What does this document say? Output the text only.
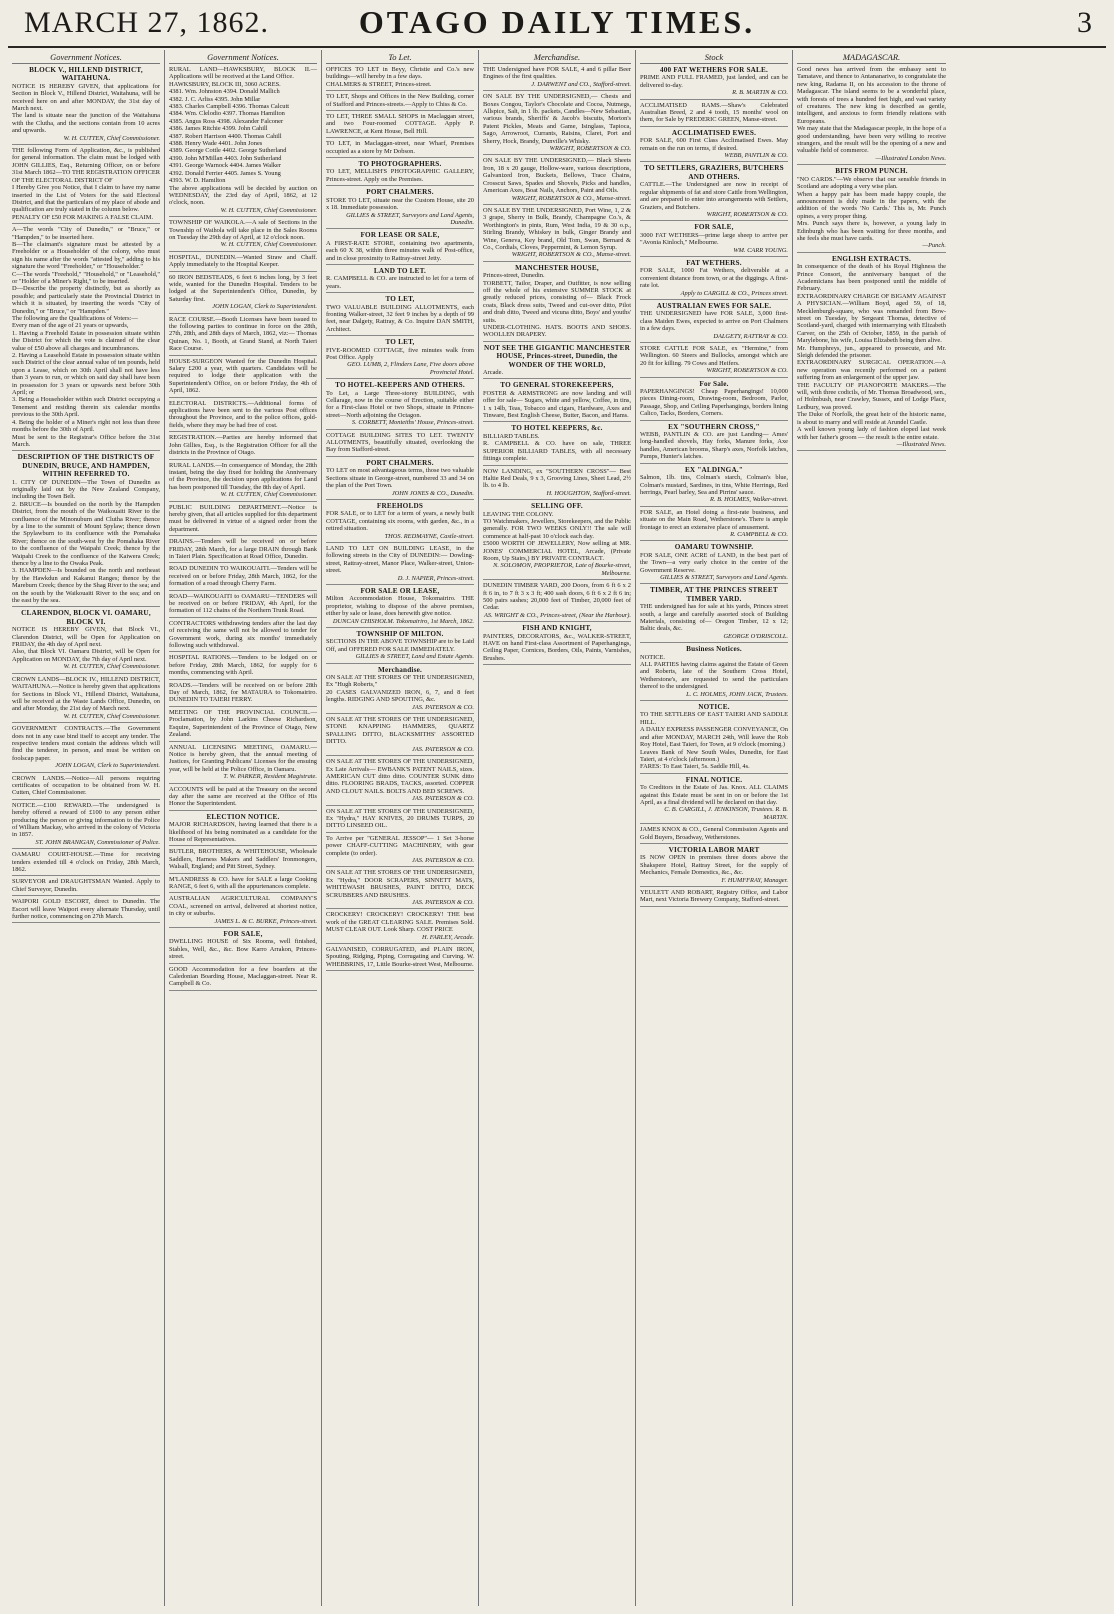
MARCH 27, 1862.	OTAGO DAILY TIMES.	3
Government Notices.
BLOCK V., HILLEND DISTRICT, WAITAHUNA.
NOTICE IS HEREBY GIVEN, that applications for Section in Block V., Hillend District, Waitahuna, will be received here on and after MONDAY, the 31st day of March next.
The land is situate near the junction of the Waitahuna with the Clutha, and the sections contain from 10 acres and upwards.
W. H. CUTTEN, Chief Commissioner.
THE following Form of Application, &c., is published for general information. The claim must be lodged with JOHN GILLIES, Esq., Returning Officer, on or before 31st March 1862—TO THE REGISTRATION OFFICER OF THE ELECTORAL DISTRICT OF
I Hereby Give you Notice, that I claim to have my name inserted in the List of Voters for the said Electoral District, and that the particulars of my place of abode and qualification are truly stated in the column below.
PENALTY OF £50 FOR MAKING A FALSE CLAIM.
A—The words "City of Dunedin," or "Bruce," or "Hampden," to be inserted here.
B—The claimant's signature must be attested by a Freeholder or a Householder of the colony, who must sign his name after the words "attested by," adding to his signature the word "Freeholder," or "Householder."
C—The words "Freehold," "Household," or "Leasehold," or "Holder of a Miner's Right," to be inserted.
D—Describe the property distinctly, but as shortly as possible; and particularly state the Provincial District in which it is situated, by inserting the words "City of Dunedin," or "Bruce," or "Hampden."
The following are the Qualifications of Voters:—
Every man of the age of 21 years or upwards,
1. Having a Freehold Estate in possession situate within the District for which the vote is claimed of the clear value of £50 above all charges and incumbrances.
2. Having a Leasehold Estate in possession situate within such District of the clear annual value of ten pounds, held upon a Lease, which on 30th April shall not have less than 3 years to run, or which on said day shall have been in possession for 3 years or upwards next before 30th April; or
3. Being a Householder within such District occupying a Tenement and residing therein six calendar months previous to the 30th April.
4. Being the holder of a Miner's right not less than three months before the 30th of April.
Must be sent to the Registrar's Office before the 31st March.
DESCRIPTION OF THE DISTRICTS OF DUNEDIN, BRUCE, AND HAMPDEN, WITHIN REFERRED TO.
1. CITY OF DUNEDIN—The Town of Dunedin as originally laid out by the New Zealand Company, including the Town Belt.
2. BRUCE—Is bounded on the north by the Hampden District, from the mouth of the Waikouaiti River to the confluence of the Minonuburn and Clutha River; thence by a line to the summit of Mount Spylaw; thence down the Spylawburn to its confluence with the Pomahaka River; thence on the south-west by the Pomahaka River to the confluence of the Waipahi Creek; thence by the Waipahi Creek to the confluence of the Kaiwera Creek; thence by a line to the Owaka Peak.
3. HAMPDEN—Is bounded on the north and northeast by the Hawkdun and Kakanui Ranges; thence by the Mareburn Creek; thence by the Shag River to the sea; and on the south by the Waikouaiti River to the sea; and on the east by the sea.
CLARENDON, BLOCK VI. OAMARU, BLOCK VI.
NOTICE IS HEREBY GIVEN, that Block VI., Clarendon District, will be Open for Application on FRIDAY, the 4th day of April next.
Also, that Block VI. Oamaru District, will be Open for Application on MONDAY, the 7th day of April next.
W. H. CUTTEN, Chief Commissioner.
CROWN LANDS—BLOCK IV., HILLEND DISTRICT, WAITAHUNA.—Notice is hereby given that applications for Sections in Block VI., Hillend District, Waitahuna, will be received at the Waste Lands Office, Dunedin, on and after Monday, the 21st day of March next.
W. H. CUTTEN, Chief Commissioner.
GOVERNMENT CONTRACTS.—The Government does not in any case bind itself to accept any tender. The respective tenders must contain the address which will find the tenderer, in person, and must be written on foolscap paper.
JOHN LOGAN, Clerk to Superintendent.
CROWN LANDS.—Notice—All persons requiring certificates of occupation to be obtained from W. H. Cutten, Chief Commissioner.
NOTICE.—£100 REWARD.—The undersigned is hereby offered a reward of £100 to any person either producing the person or giving information to the Police of William Mackay, who arrived in the colony of Victoria in 1857.
ST. JOHN BRANIGAN, Commissioner of Police.
OAMARU COURT-HOUSE.—Time for receiving tenders extended till 4 o'clock on Friday, 28th March, 1862.
SURVEYOR and DRAUGHTSMAN Wanted. Apply to Chief Surveyor, Dunedin.
WAIPORI GOLD ESCORT, direct to Dunedin. The Escort will leave Waipori every alternate Thursday, until further notice, commencing on 27th March.
Government Notices.
RURAL LAND—HAWKSBURY, BLOCK II.—Applications will be received at the Land Office.
HAWKSBURY, BLOCK III, 3060 ACRES.
4381. Wm. Johnston 4394. Donald Mallich
4382. J. C. Arliss 4395. John Millar
4383. Charles Campbell 4396. Thomas Calcutt
4384. Wm. Clelodio 4397. Thomas Hamilton
4385. Angus Ross 4398. Alexander Falconer
4386. James Ritchie 4399. John Cahill
4387. Robert Harrison 4400. Thomas Cahill
4388. Henry Wade 4401. John Jones
4389. George Cottle 4402. George Sutherland
4390. John M'Millan 4403. John Sutherland
4391. George Warnock 4404. James Walker
4392. Donald Ferrier 4405. James S. Young
4393. W. D. Hamilton
The above applications will be decided by auction on WEDNESDAY, the 23rd day of April, 1862, at 12 o'clock, noon.
W. H. CUTTEN, Chief Commissioner.
TOWNSHIP OF WAIKOLA.—A sale of Sections in the Township of Waihola will take place in the Sales Rooms on Tuesday the 29th day of April, at 12 o'clock noon.
W. H. CUTTEN, Chief Commissioner.
HOSPITAL, DUNEDIN.—Wanted Straw and Chaff. Apply immediately to the Hospital Keeper.
60 IRON BEDSTEADS, 6 feet 6 inches long, by 3 feet wide, wanted for the Dunedin Hospital. Tenders to be lodged at the Superintendent's Office, Dunedin, by Saturday first.
JOHN LOGAN, Clerk to Superintendent.
RACE COURSE.—Booth Licenses have been issued to the following parties to continue in force on the 28th, 27th, 28th, and 28th days of March, 1862, viz:— Thomas Quinan, No. 1, Booth, at Grand Stand, at North Taieri Race Course.
HOUSE-SURGEON Wanted for the Dunedin Hospital. Salary £200 a year, with quarters. Candidates will be required to lodge their application with the Superintendent's Office, on or before Friday, the 4th of April, 1862.
ELECTORAL DISTRICTS.—Additional forms of applications have been sent to the various Post offices throughout the Province, and to the police offices, gold-fields, where they may be had free of cost.
REGISTRATION.—Parties are hereby informed that John Gillies, Esq., is the Registration Officer for all the districts in the Province of Otago.
RURAL LANDS.—In consequence of Monday, the 28th instant, being the day fixed for holding the Anniversary of the Province, the decision upon applications for Land has been postponed till Tuesday, the 8th day of April.
W. H. CUTTEN, Chief Commissioner.
PUBLIC BUILDING DEPARTMENT.—Notice is hereby given, that all articles supplied for this department must be delivered in virtue of a signed order from the department.
DRAINS.—Tenders will be received on or before FRIDAY, 28th March, for a large DRAIN through Bank in Taieri Plain. Specification at Road Office, Dunedin.
ROAD DUNEDIN TO WAIKOUAITI.—Tenders will be received on or before Friday, 28th March, 1862, for the formation of a road through Cherry Farm.
ROAD—WAIKOUAITI to OAMARU—TENDERS will be received on or before FRIDAY, 4th April, for the formation of 112 chains of the Northern Trunk Road.
CONTRACTORS withdrawing tenders after the last day of receiving the same will not be allowed to tender for Government work, during six months' immediately following such withdrawal.
HOSPITAL RATIONS.—Tenders to be lodged on or before Friday, 28th March, 1862, for supply for 6 months, commencing with April.
ROADS.—Tenders will be received on or before 28th Day of March, 1862, for MATAURA to Tokomairiro. DUNEDIN TO TAIERI FERRY.
MEETING OF THE PROVINCIAL COUNCIL.—Proclamation, by John Larkins Cheese Richardson, Esquire, Superintendent of the Province of Otago, New Zealand.
ANNUAL LICENSING MEETING, OAMARU.—Notice is hereby given, that the annual meeting of Justices, for Granting Publicans' Licenses for the ensuing year, will be held at the Police Office, in Oamaru.
T. W. PARKER, Resident Magistrate.
ACCOUNTS will be paid at the Treasury on the second day after the same are received at the Office of His Honor the Superintendent.
ELECTION NOTICE.
MAJOR RICHARDSON, having learned that there is a likelihood of his being nominated as a candidate for the House of Representatives.
BUTLER, BROTHERS, & WHITEHOUSE, Wholesale Saddlers, Harness Makers and Saddlers' Ironmongers, Walsall, England; and Pitt Street, Sydney.
M'LANDRESS & CO. have for SALE a large Cooking RANGE, 6 feet 6, with all the appurtenances complete.
AUSTRALIAN AGRICULTURAL COMPANY'S COAL, screened on arrival, delivered at shortest notice, in city or suburbs.
JAMES L. & C. BURKE, Princes-street.
FOR SALE,
DWELLING HOUSE of Six Rooms, well finished, Stables, Well, &c., &c. Bow Karro Arrakon, Princes-street.
GOOD Accommodation for a few boarders at the Caledonian Boarding House, Maclaggan-street. Near R. Campbell & Co.
To Let.
OFFICES TO LET in Beyy, Christie and Co.'s new buildings—will hereby in a few days.
CHALMERS & STREET, Princes-street.
TO LET, Shops and Offices in the New Building, corner of Stafford and Princes-streets.—Apply to Chiss & Co.
TO LET, THREE SMALL SHOPS in Maclaggan street, and two Four-roomed COTTAGE. Apply P. LAWRENCE, at Kent House, Bell Hill.
TO LET, in Maclaggan-street, near Wharf, Premises occupied as a store by Mr Dobson.
TO PHOTOGRAPHERS.
TO LET, MELLISH'S PHOTOGRAPHIC GALLERY, Princes-street. Apply on the Premises.
PORT CHALMERS.
STORE TO LET, situate near the Custom House, site 20 x 18. Immediate possession.
GILLIES & STREET, Surveyors and Land Agents, Dunedin.
FOR LEASE OR SALE,
A FIRST-RATE STORE, containing two apartments, each 60 X 38, within three minutes walk of Post-office, and in close proximity to Rattray-street Jetty.
LAND TO LET.
R. CAMPBELL & CO. are instructed to let for a term of years.
TO LET,
TWO VALUABLE BUILDING ALLOTMENTS, each fronting Walker-street, 32 feet 9 inches by a depth of 99 feet, near Dalgety, Rattray, & Co. Inquire DAN SMITH, Architect.
TO LET,
FIVE-ROOMED COTTAGE, five minutes walk from Post Office. Apply
GEO. LUMB, 2, Flinders Lane, Five doors above Provincial Hotel.
TO HOTEL-KEEPERS AND OTHERS.
To Let, a Large Three-storey BUILDING, with Cellarage, now in the course of Erection, suitable either for a First-class Hotel or two Shops, situate in Princes-street—North adjoining the Octagon.
S. CORBETT, Monteiths' House, Princes-street.
COTTAGE BUILDING SITES TO LET. TWENTY ALLOTMENTS, beautifully situated, overlooking the Bay from Stafford-street.
PORT CHALMERS.
TO LET on most advantageous terms, those two valuable Sections situate in George-street, numbered 33 and 34 on the plan of the Port Town.
JOHN JONES & CO., Dunedin.
FREEHOLDS
FOR SALE, or to LET for a term of years, a newly built COTTAGE, containing six rooms, with garden, &c., in a retired situation.
THOS. REDMAYNE, Castle-street.
LAND TO LET ON BUILDING LEASE, in the following streets in the City of DUNEDIN:— Dowling-street, Rattray-street, Manor Place, Walker-street, Union-street.
D. J. NAPIER, Princes-street.
FOR SALE OR LEASE,
Milton Accommodation House, Tokomairiro. THE proprietor, wishing to dispose of the above premises, either by sale or lease, does herewith give notice.
DUNCAN CHISHOLM. Tokomairiro, 1st March, 1862.
TOWNSHIP OF MILTON.
SECTIONS IN THE ABOVE TOWNSHIP are to be Laid Off, and OFFERED FOR SALE IMMEDIATELY.
GILLIES & STREET, Land and Estate Agents.
Merchandise.
ON SALE AT THE STORES OF THE UNDERSIGNED, Ex "Hugh Roberts,"
20 CASES GALVANIZED IRON, 6, 7, and 8 feet lengths. RIDGING AND SPOUTING, &c.
JAS. PATERSON & CO.
ON SALE AT THE STORES OF THE UNDERSIGNED, STONE KNAPPING HAMMERS, QUARTZ SPALLING DITTO, BLACKSMITHS' ASSORTED DITTO.
JAS. PATERSON & CO.
ON SALE AT THE STORES OF THE UNDERSIGNED, Ex Late Arrivals— EWBANK'S PATENT NAILS, sizes. AMERICAN CUT ditto ditto. COUNTER SUNK ditto ditto. FLOORING BRADS, TACKS, assorted. COPPER AND CLOUT NAILS. BOLTS AND BED SCREWS.
JAS. PATERSON & CO.
ON SALE AT THE STORES OF THE UNDERSIGNED, Ex "Hydra," HAY KNIVES, 20 DRUMS TURPS, 20 DITTO LINSEED OIL.
To Arrive per "GENERAL JESSOP"— 1 Set 3-horse power CHAFF-CUTTING MACHINERY, with gear complete (to order).
JAS. PATERSON & CO.
ON SALE AT THE STORES OF THE UNDERSIGNED, Ex "Hydra," DOOR SCRAPERS, SINNETT MATS, WHITEWASH BRUSHES, PAINT DITTO, DECK SCRUBBERS AND BRUSHES.
JAS. PATERSON & CO.
CROCKERY! CROCKERY! CROCKERY! THE best work of the GREAT CLEARING SALE. Premises Sold. MUST CLEAR OUT. Look Sharp. COST PRICE
H. FARLEY, Arcade.
GALVANISED, CORRUGATED, and PLAIN IRON, Spouting, Ridging, Piping, Corrugating and Curving. W. WHEBBRINS, 17, Little Bourke-street West, Melbourne.
Merchandise.
THE Undersigned have FOR SALE, 4 and 6 pillar Beer Engines of the first qualities.
J. DARWENT and CO., Stafford-street.
ON SALE BY THE UNDERSIGNED,— Chests and Boxes Congou, Taylor's Chocolate and Cocoa, Nutmegs, Allspice, Salt, in 1 lb. packets, Candles—New Sebastian, various brands, Sheriffs' & Jacob's biscuits, Morton's Patent Pickles, Meats and Game, Isinglass, Tapioca, Sago, Arrowroot, Currants, Raisins, Claret, Port and Sherry, Hock, Brandy, Dunville's Whisky.
WRIGHT, ROBERTSON & CO.
ON SALE BY THE UNDERSIGNED,— Black Sheets Iron, 18 x 20 gauge, Hollow-ware, various descriptions, Galvanized Iron, Buckets, Bellows, Trace Chains, Crosscut Saws, Spades and Shovels, Picks and handles, American Axes, Boat Nails, Anchors, Paint and Oils.
WRIGHT, ROBERTSON & CO., Manse-street.
ON SALE BY THE UNDERSIGNED, Port Wine, 1, 2 & 3 grape, Sherry in Bulk, Brandy, Champagne Co.'s, & Worthington's in pints, Rum, West India, 19 & 30 o.p., Stirling Brandy, Whiskey in bulk, Ginger Brandy and Wine, Geneva, Key brand, Old Tom, Swan, Bernard & Co., Cordials, Cloves, Peppermint, & Lemon Syrup.
WRIGHT, ROBERTSON & CO., Manse-street.
MANCHESTER HOUSE,
Princes-street, Dunedin.
TORBETT, Tailor, Draper, and Outfitter, is now selling off the whole of his extensive SUMMER STOCK at greatly reduced prices, consisting of— Black Frock coats, Black dress suits, Tweed and cut-over ditto, Pilot and drab ditto, Tweed and vicuna ditto, Boys' and youths' suits.
UNDER-CLOTHING. HATS. BOOTS AND SHOES. WOOLLEN DRAPERY.
NOT SEE THE GIGANTIC MANCHESTER HOUSE, Princes-street, Dunedin, the WONDER OF THE WORLD,
Arcade.
TO GENERAL STOREKEEPERS,
FOSTER & ARMSTRONG are now landing and will offer for sale— Sugars, white and yellow, Coffee, in tins, 1 x 14lb, Teas, Tobacco and cigars, Hardware, Axes and Tinware, Best English Cheese, Butter, Bacon, and Hams.
TO HOTEL KEEPERS, &c.
BILLIARD TABLES.
R. CAMPBELL & CO. have on sale, THREE SUPERIOR BILLIARD TABLES, with all necessary fittings complete.
NOW LANDING, ex "SOUTHERN CROSS"— Best Haltie Red Deals, 9 x 3, Grooving Lines, Sheet Lead, 2½ lb. to 4 lb.
H. HOUGHTON, Stafford-street.
SELLING OFF.
LEAVING THE COLONY.
TO Watchmakers, Jewellers, Storekeepers, and the Public generally. FOR TWO WEEKS ONLY!! The sale will commence at half-past 10 o'clock each day.
£5000 WORTH OF JEWELLERY, Now selling at MR. JONES' COMMERCIAL HOTEL, Arcade, (Private Room, Up Stairs,) BY PRIVATE CONTRACT.
N. SOLOMON, PROPRIETOR, Late of Bourke-street, Melbourne.
DUNEDIN TIMBER YARD, 200 Doors, from 6 ft 6 x 2 ft 6 in, to 7 ft 3 x 3 ft; 400 sash doors, 6 ft 6 x 2 ft 6 in; 500 pairs sashes; 20,000 feet of Timber, 20,000 feet of Cedar.
AS. WRIGHT & CO., Princes-street, (Near the Harbour).
FISH AND KNIGHT,
PAINTERS, DECORATORS, &c., WALKER-STREET, HAVE on hand First-class Assortment of Paperhangings, Ceiling Paper, Cornices, Borders, Oils, Paints, Varnishes, Brushes.
Stock
400 FAT WETHERS FOR SALE.
PRIME AND FULL FRAMED, just landed, and can be delivered to-day.
R. B. MARTIN & CO.
ACCLIMATISED RAMS.—Shaw's Celebrated Australian Breed, 2 and 4 tooth, 15 months' wool on them, for Sale by FREDERIC GREEN, Manse-street.
ACCLIMATISED EWES.
FOR SALE, 600 First Class Acclimatised Ewes. May remain on the run on terms, if desired.
WEBB, PANTLIN & CO.
TO SETTLERS, GRAZIERS, BUTCHERS AND OTHERS.
CATTLE.—The Undersigned are now in receipt of regular shipments of fat and store Cattle from Wellington, and are prepared to enter into arrangements with Settlers, Graziers, and Butchers.
WRIGHT, ROBERTSON & CO.
FOR SALE,
3000 FAT WETHERS—prime large sheep to arrive per "Avonia Kinloch," Melbourne.
WM. CARR YOUNG.
FAT WETHERS.
FOR SALE, 1000 Fat Wethers, deliverable at a convenient distance from town, or at the diggings. A first-rate lot.
Apply to CARGILL & CO., Princes street.
AUSTRALIAN EWES FOR SALE.
THE UNDERSIGNED have FOR SALE, 3,000 first-class Maiden Ewes, expected to arrive on Port Chalmers in a few days.
DALGETY, RATTRAY & CO.
STORE CATTLE FOR SALE, ex "Hermine," from Wellington. 60 Steers and Bullocks, amongst which are 20 fit for killing. 79 Cows and Heifers.
WRIGHT, ROBERTSON & CO.
For Sale.
PAPERHANGINGS! Cheap Paperhangings! 10,000 pieces Dining-room, Drawing-room, Bedroom, Parlor, Passage, Shop, and Ceiling Paperhangings, borders lining Calico, Tacks, Borders, Corners.
EX "SOUTHERN CROSS,"
WEBB, PANTLIN & CO. are just Landing— Ames' long-handled shovels, Hay forks, Manure forks, Axe handles, American brooms, Sharp's axes, Norfolk latches, Pumps, Hunter's latches.
EX "ALDINGA."
Salmon, 1lb. tins, Colman's starch, Colman's blue, Colman's mustard, Sardines, in tins, White Herrings, Red herrings, Pearl barley, Sea and Pirrins' sauce.
R. B. HOLMES, Walker-street.
FOR SALE, an Hotel doing a first-rate business, and situate on the Main Road, Wetherstone's. There is ample frontage to erect an extensive place of amusement.
R. CAMPBELL & CO.
OAMARU TOWNSHIP.
FOR SALE, ONE ACRE of LAND, in the best part of the Town—a very early choice in the centre of the Government Reserve.
GILLIES & STREET, Surveyors and Land Agents.
TIMBER, AT THE PRINCES STREET TIMBER YARD.
THE undersigned has for sale at his yards, Princes street south, a large and carefully assorted stock of Building Materials, consisting of— Oregon Timber, 12 x 12; Baltic deals, &c.
GEORGE O'DRISCOLL.
Business Notices.
NOTICE.
ALL PARTIES having claims against the Estate of Green and Roberts, late of the Southern Cross Hotel, Wetherstone's, are requested to send the particulars thereof to the undersigned.
L. C. HOLMES, JOHN JACK, Trustees.
NOTICE.
TO THE SETTLERS OF EAST TAIERI AND SADDLE HILL.
A DAILY EXPRESS PASSENGER CONVEYANCE, On and after MONDAY, MARCH 24th, Will leave the Rob Roy Hotel, East Taieri, for Town, at 9 o'clock (morning.)
Leaves Bank of New South Wales, Dunedin, for East Taieri, at 4 o'clock (afternoon.)
FARES: To East Taieri, 5s. Saddle Hill, 4s.
FINAL NOTICE.
To Creditors in the Estate of Jas. Knox. ALL CLAIMS against this Estate must be sent in on or before the 1st April, as a final dividend will be declared on that day.
C. B. CARGILL, J. JENKINSON, Trustees. R. B. MARTIN.
JAMES KNOX & CO., General Commission Agents and Gold Buyers, Broadway, Wetherstones.
VICTORIA LABOR MART
IS NOW OPEN in premises three doors above the Shakspere Hotel, Rattray Street, for the supply of Mechanics, Female Domestics, &c., &c.
F. HUMFFRAY, Manager.
YEULETT AND ROBART, Registry Office, and Labor Mart, next Victoria Brewery Company, Stafford-street.
MADAGASCAR.
Good news has arrived from the embassy sent to Tamatave, and thence to Antananarivo, to congratulate the new king, Radama II, on his accession to the throne of Madagascar. The island seems to be a wonderful place, with forests of trees a hundred feet high, and vast variety of creatures. The new king is described as gentle, intelligent, and anxious to form friendly relations with Europeans.
We may state that the Madagascar people, in the hope of a good understanding, have been very willing to receive strangers, and the result will be the opening of a new and valuable field of commerce.
—Illustrated London News.
BITS FROM PUNCH.
"NO CARDS."—We observe that our sensible friends in Scotland are adopting a very wise plan.
When a happy pair has been made happy couple, the announcement is duly made in the papers, with the addition of the words 'No Cards.' This is, Mr. Punch opines, a very proper thing.
Mrs. Punch says there is, however, a young lady in Edinburgh who has been waiting for three months, and she feels she must have cards.
—Punch.
ENGLISH EXTRACTS.
In consequence of the death of his Royal Highness the Prince Consort, the anniversary banquet of the Academicians has been postponed until the middle of February.
EXTRAORDINARY CHARGE OF BIGAMY AGAINST A PHYSICIAN.—William Boyd, aged 59, of 18, Mecklenburgh-square, who was remanded from Bow-street on Tuesday, by Sergeant Thomas, detective of Scotland-yard, charged with intermarrying with Elizabeth Carver, on the 25th of October, 1859, in the parish of Marylebone, his wife, Louisa Elizabeth being then alive.
Mr. Humphreys, jun., appeared to prosecute, and Mr. Sleigh defended the prisoner.
EXTRAORDINARY SURGICAL OPERATION.—A new operation was recently performed on a patient suffering from an enlargement of the upper jaw.
THE FACULTY OF PIANOFORTE MAKERS.—The will, with three codicils, of Mr. Thomas Broadwood, sen., of Holmbush, near Crawley, Sussex, and of Lodge Place, Ledbury, was proved.
The Duke of Norfolk, the great heir of the historic name, is about to marry and will reside at Arundel Castle.
A well known young lady of fashion eloped last week with her father's groom — the result is the entire estate.
—Illustrated News.
